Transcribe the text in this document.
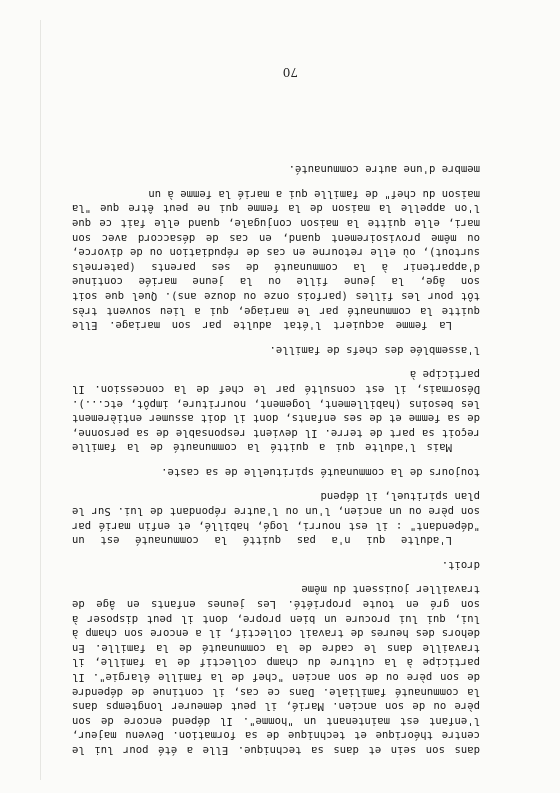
dans son sein et dans sa technique. Elle a été pour lui le centre théorique et technique de sa formation. Devenu majeur, l'enfant est maintenant un "homme". Il dépend encore de son père ou de son ancien. Marié, il peut demeurer longtemps dans la communauté familiale. Dans ce cas, il continue de dépendre de son père ou de son ancien "chef de la famille élargie". Il participe à la culture du champ collectif de la famille, il travaille dans le cadre de la communauté de la famille. En dehors des heures de travail collectif, il a encore son champ à lui, qui lui procure un bien propre, dont il peut disposer à son gré en toute propriété. Les jeunes enfants en âge de travailler jouissent du même

droit.

L'adulte qui n'a pas quitté la communauté est un "dépendant" : il est nourri, logé, habillé, et enfin marié par son père ou un ancien, l'un ou l'autre répondant de lui. Sur le plan spirituel, il dépend

toujours de la communauté spirituelle de sa caste.

Mais l'adulte qui a quitté la communauté de la famille reçoit sa part de terre. Il devient responsable de sa personne, de sa femme et de ses enfants, dont il doit assumer entièrement les besoins (habillement, logement, nourriture, impôt, etc...). Désormais, il est consulté par le chef de la concession. Il participe à

l'assemblée des chefs de famille.

La femme acquiert l'état adulte par son mariage. Elle quitte la communauté par le mariage, qui a lieu souvent très tôt pour les filles (parfois onze ou douze ans). Quel que soit son âge, la jeune fille ou la jeune mariée continue d'appartenir à la communauté de ses parents (paternels surtout), où elle retourne en cas de répudiation ou de divorce, ou même provisoirement quand, en cas de désaccord avec son mari, elle quitte la maison conjugale, quand elle fait ce que l'on appelle la maison de la femme qui ne peut être que "la maison du chef" de famille qui a marié la femme à un

membre d'une autre communauté.

70
